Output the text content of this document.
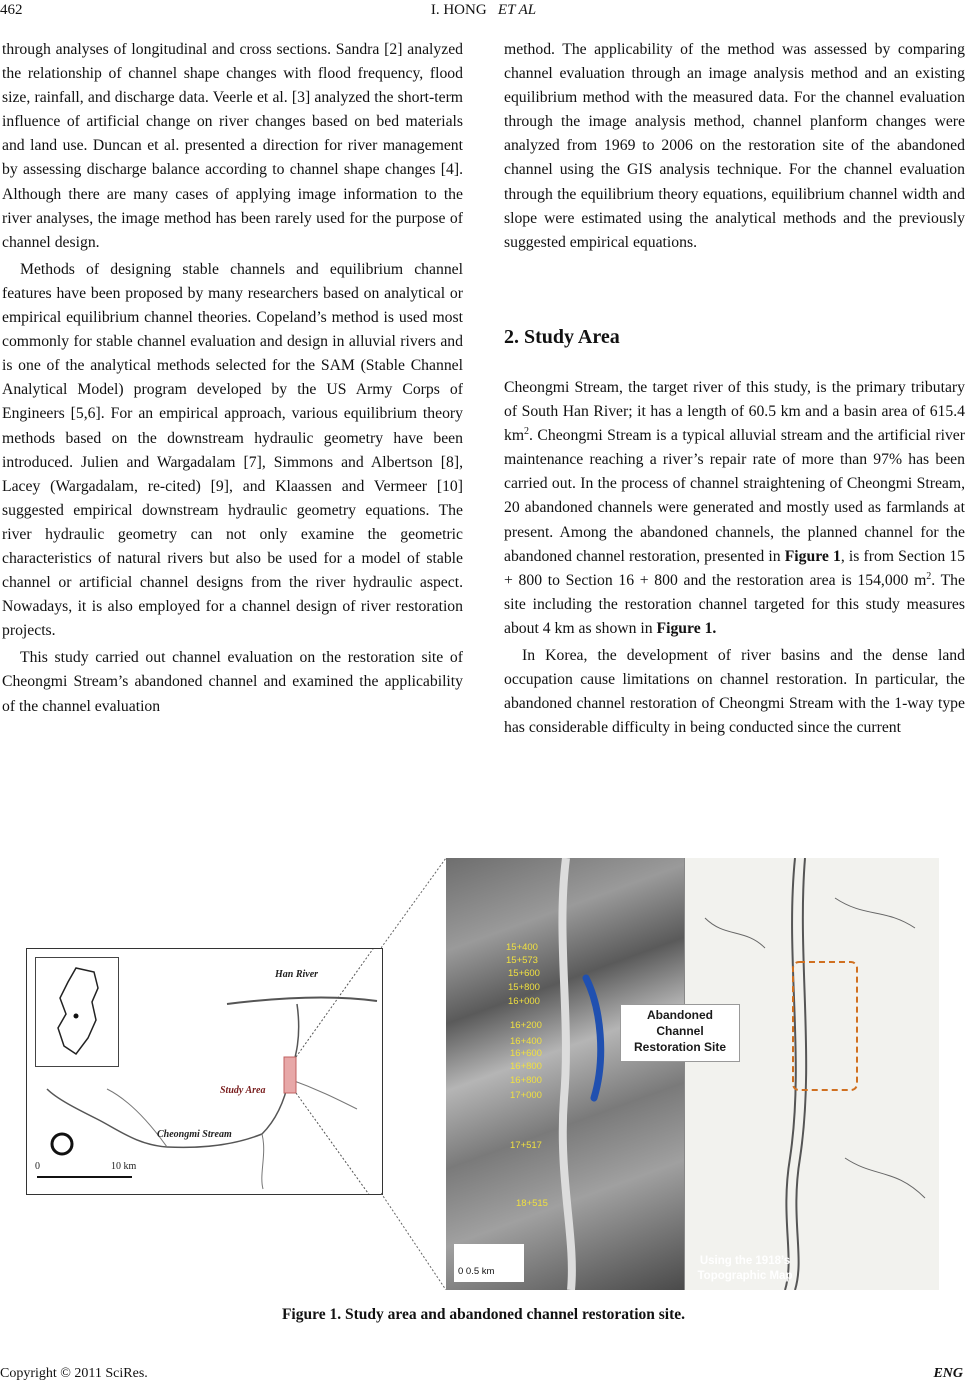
462	I. HONG ET AL

through analyses of longitudinal and cross sections. Sandra [2] analyzed the relationship of channel shape changes with flood frequency, flood size, rainfall, and discharge data. Veerle et al. [3] analyzed the short-term influence of artificial change on river changes based on bed materials and land use. Duncan et al. presented a direction for river management by assessing discharge balance according to channel shape changes [4]. Although there are many cases of applying image information to the river analyses, the image method has been rarely used for the purpose of channel design.

Methods of designing stable channels and equilibrium channel features have been proposed by many researchers based on analytical or empirical equilibrium channel theories. Copeland’s method is used most commonly for stable channel evaluation and design in alluvial rivers and is one of the analytical methods selected for the SAM (Stable Channel Analytical Model) program developed by the US Army Corps of Engineers [5,6]. For an empirical approach, various equilibrium theory methods based on the downstream hydraulic geometry have been introduced. Julien and Wargadalam [7], Simmons and Albertson [8], Lacey (Wargadalam, re-cited) [9], and Klaassen and Vermeer [10] suggested empirical downstream hydraulic geometry equations. The river hydraulic geometry can not only examine the geometric characteristics of natural rivers but also be used for a model of stable channel or artificial channel designs from the river hydraulic aspect. Nowadays, it is also employed for a channel design of river restoration projects.

This study carried out channel evaluation on the restoration site of Cheongmi Stream’s abandoned channel and examined the applicability of the channel evaluation

method. The applicability of the method was assessed by comparing channel evaluation through an image analysis method and an existing equilibrium method with the measured data. For the channel evaluation through the image analysis method, channel planform changes were analyzed from 1969 to 2006 on the restoration site of the abandoned channel using the GIS analysis technique. For the channel evaluation through the equilibrium theory equations, equilibrium channel width and slope were estimated using the analytical methods and the previously suggested empirical equations.

2. Study Area

Cheongmi Stream, the target river of this study, is the primary tributary of South Han River; it has a length of 60.5 km and a basin area of 615.4 $km^2$. Cheongmi Stream is a typical alluvial stream and the artificial river maintenance reaching a river’s repair rate of more than 97% has been carried out. In the process of channel straightening of Cheongmi Stream, 20 abandoned channels were generated and mostly used as farmlands at present. Among the abandoned channels, the planned channel for the abandoned channel restoration, presented in Figure 1, is from Section 15 + 800 to Section 16 + 800 and the restoration area is 154,000 $m^2$. The site including the restoration channel targeted for this study measures about 4 km as shown in Figure 1.

In Korea, the development of river basins and the dense land occupation cause limitations on channel restoration. In particular, the abandoned channel restoration of Cheongmi Stream with the 1-way type has considerable difficulty in being conducted since the current

Han River
Study Area
Cheongmi Stream
0	10 km
15+400
15+573
15+600
15+800
16+000
16+200
16+400
16+600
16+800
16+800
17+000
17+517
18+515
0 0.5 km
Abandoned
Channel
Restoration Site
Using the 1918’s
Topographic Map
Figure 1. Study area and abandoned channel restoration site.
Copyright © 2011 SciRes.	ENG
